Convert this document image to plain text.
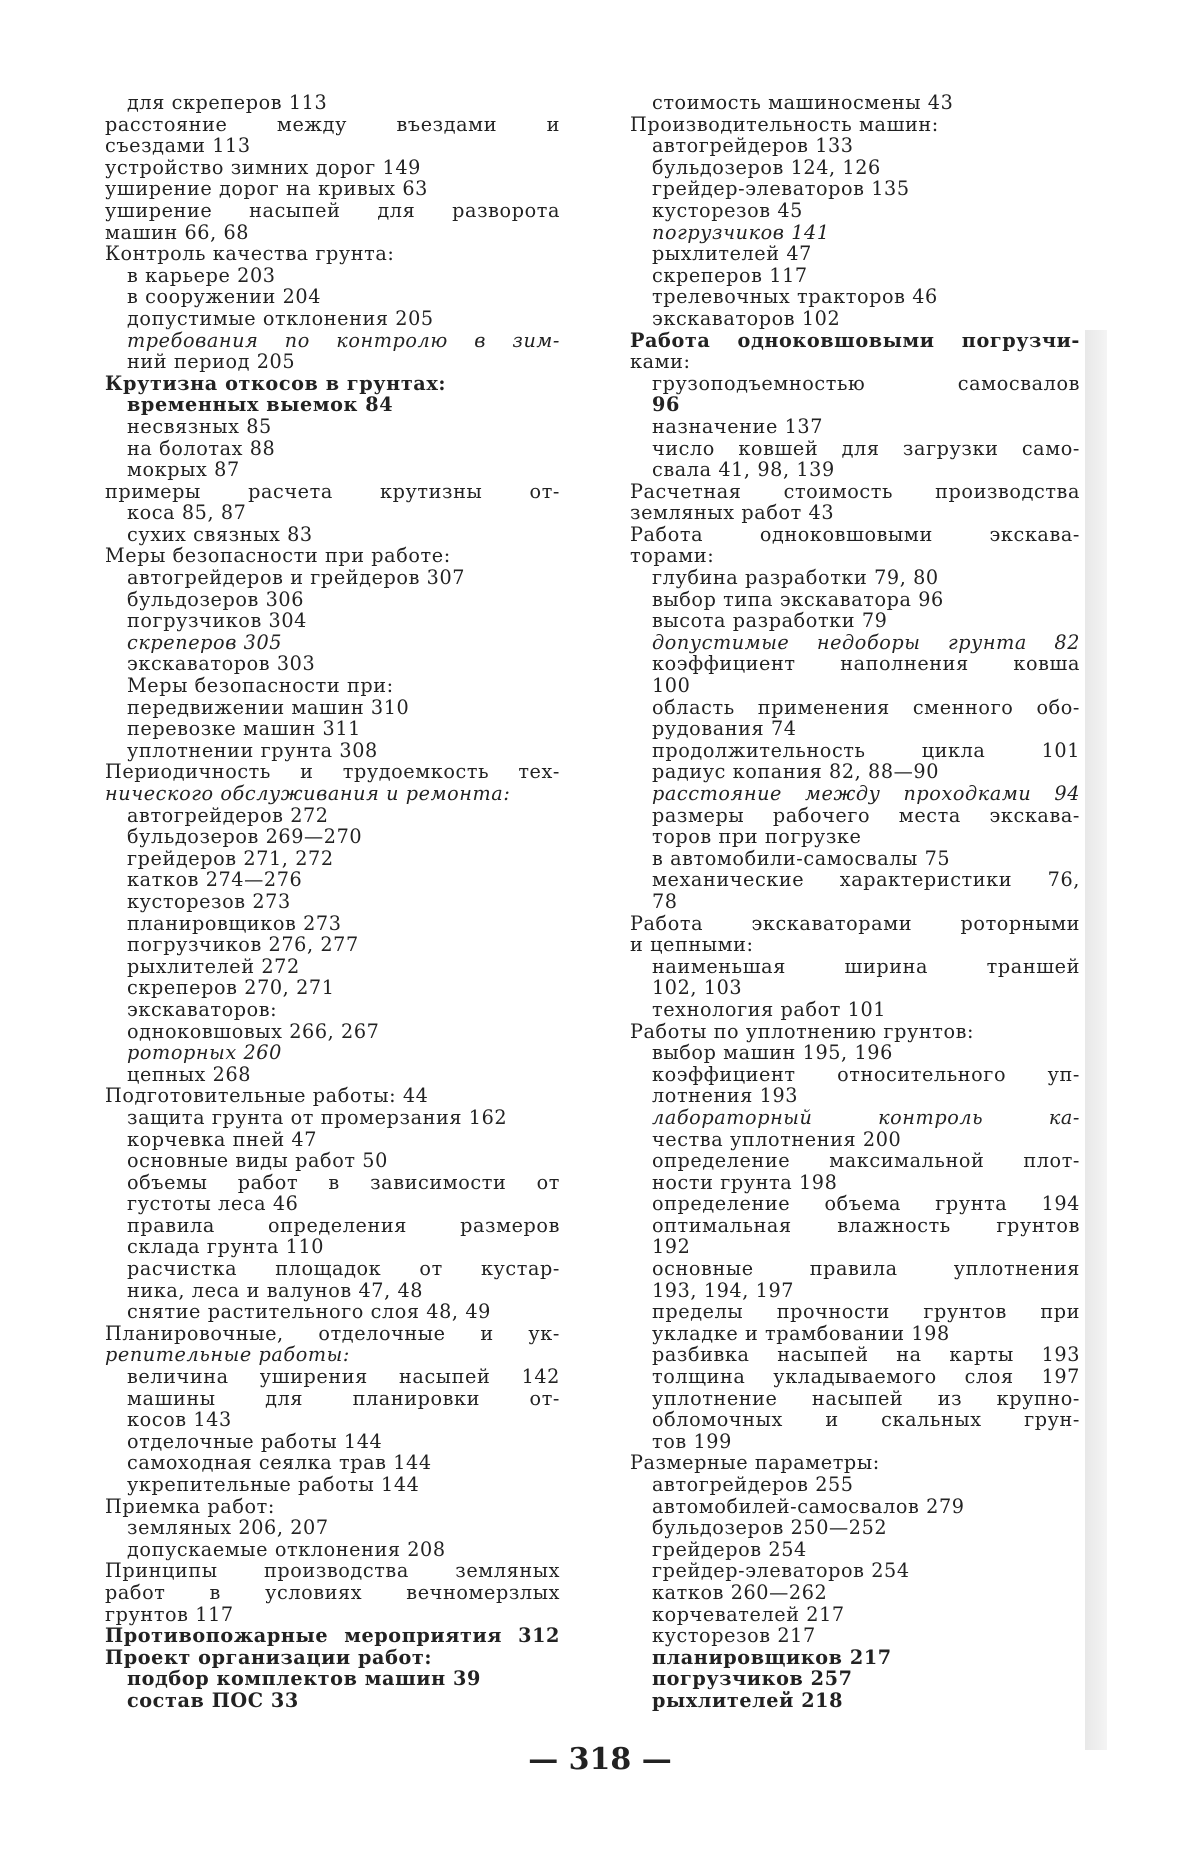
для скреперов 113
расстояние между въездами и
съездами 113
устройство зимних дорог 149
уширение дорог на кривых 63
уширение насыпей для разворота
машин 66, 68
Контроль качества грунта:
в карьере 203
в сооружении 204
допустимые отклонения 205
требования по контролю в зим-
ний период 205
Крутизна откосов в грунтах:
временных выемок 84
несвязных 85
на болотах 88
мокрых 87
примеры расчета крутизны от-
коса 85, 87
сухих связных 83
Меры безопасности при работе:
автогрейдеров и грейдеров 307
бульдозеров 306
погрузчиков 304
скреперов 305
экскаваторов 303
Меры безопасности при:
передвижении машин 310
перевозке машин 311
уплотнении грунта 308
Периодичность и трудоемкость тех-
нического обслуживания и ремонта:
автогрейдеров 272
бульдозеров 269—270
грейдеров 271, 272
катков 274—276
кусторезов 273
планировщиков 273
погрузчиков 276, 277
рыхлителей 272
скреперов 270, 271
экскаваторов:
одноковшовых 266, 267
роторных 260
цепных 268
Подготовительные работы: 44
защита грунта от промерзания 162
корчевка пней 47
основные виды работ 50
объемы работ в зависимости от
густоты леса 46
правила определения размеров
склада грунта 110
расчистка площадок от кустар-
ника, леса и валунов 47, 48
снятие растительного слоя 48, 49
Планировочные, отделочные и ук-
репительные работы:
величина уширения насыпей 142
машины для планировки от-
косов 143
отделочные работы 144
самоходная сеялка трав 144
укрепительные работы 144
Приемка работ:
земляных 206, 207
допускаемые отклонения 208
Принципы производства земляных
работ в условиях вечномерзлых
грунтов 117
Противопожарные мероприятия 312
Проект организации работ:
подбор комплектов машин 39
состав ПОС 33
стоимость машиносмены 43
Производительность машин:
автогрейдеров 133
бульдозеров 124, 126
грейдер-элеваторов 135
кусторезов 45
погрузчиков 141
рыхлителей 47
скреперов 117
трелевочных тракторов 46
экскаваторов 102
Работа одноковшовыми погрузчи-
ками:
грузоподъемностью самосвалов
96
назначение 137
число ковшей для загрузки само-
свала 41, 98, 139
Расчетная стоимость производства
земляных работ 43
Работа одноковшовыми экскава-
торами:
глубина разработки 79, 80
выбор типа экскаватора 96
высота разработки 79
допустимые недоборы грунта 82
коэффициент наполнения ковша
100
область применения сменного обо-
рудования 74
продолжительность цикла 101
радиус копания 82, 88—90
расстояние между проходками 94
размеры рабочего места экскава-
торов при погрузке
в автомобили-самосвалы 75
механические характеристики 76,
78
Работа экскаваторами роторными
и цепными:
наименьшая ширина траншей
102, 103
технология работ 101
Работы по уплотнению грунтов:
выбор машин 195, 196
коэффициент относительного уп-
лотнения 193
лабораторный контроль ка-
чества уплотнения 200
определение максимальной плот-
ности грунта 198
определение объема грунта 194
оптимальная влажность грунтов
192
основные правила уплотнения
193, 194, 197
пределы прочности грунтов при
укладке и трамбовании 198
разбивка насыпей на карты 193
толщина укладываемого слоя 197
уплотнение насыпей из крупно-
обломочных и скальных грун-
тов 199
Размерные параметры:
автогрейдеров 255
автомобилей-самосвалов 279
бульдозеров 250—252
грейдеров 254
грейдер-элеваторов 254
катков 260—262
корчевателей 217
кусторезов 217
планировщиков 217
погрузчиков 257
рыхлителей 218
— 318 —
